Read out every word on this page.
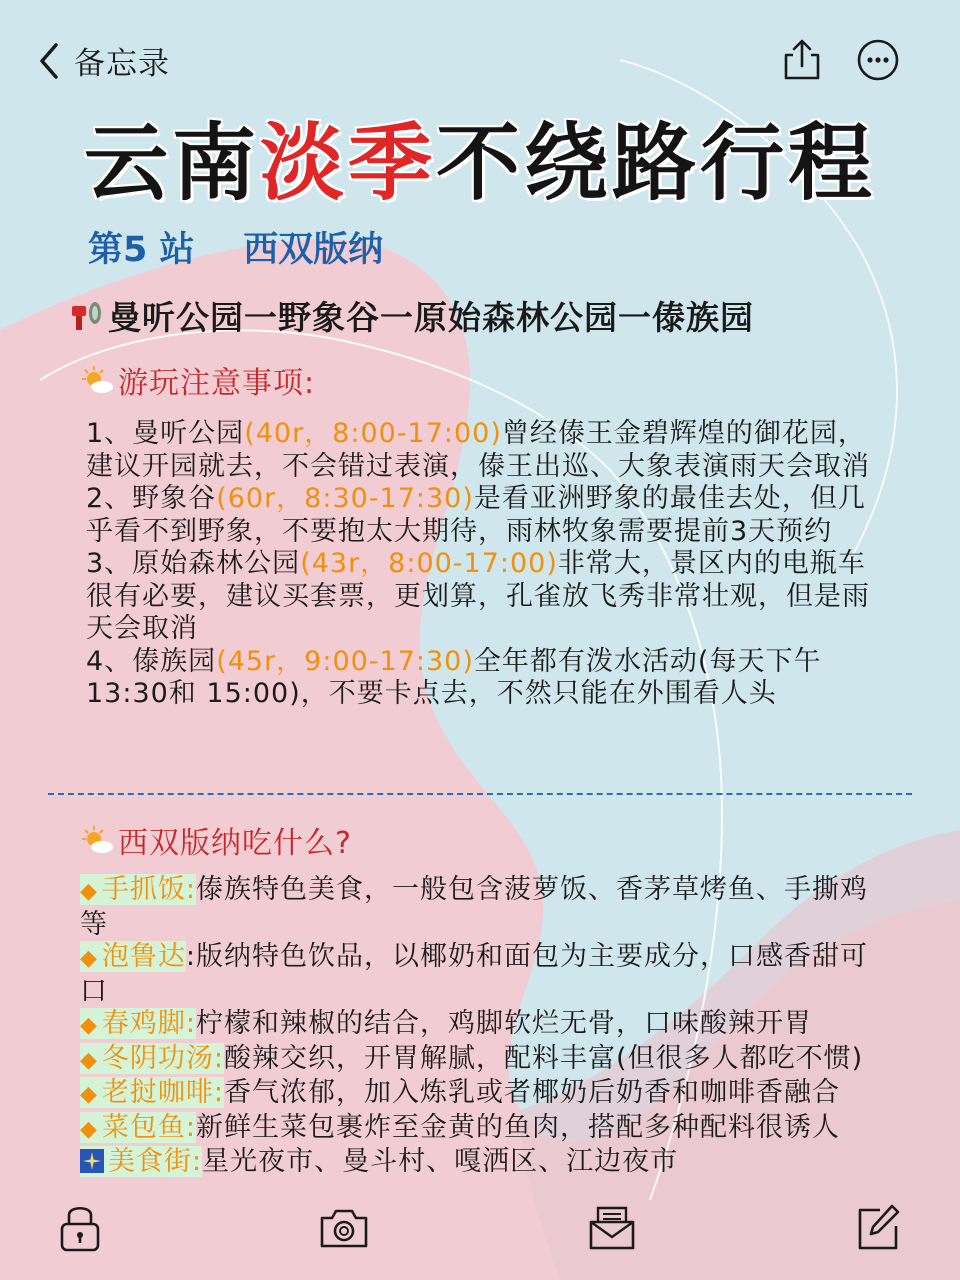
备忘录
云南淡季不绕路行程
第5 站    西双版纳
曼听公园一野象谷一原始森林公园一傣族园
游玩注意事项:
1、曼听公园(40r，8:00-17:00)曾经傣王金碧辉煌的御花园，建议开园就去，不会错过表演，傣王出巡、大象表演雨天会取消
2、野象谷(60r，8:30-17:30)是看亚洲野象的最佳去处，但几乎看不到野象，不要抱太大期待，雨林牧象需要提前3天预约
3、原始森林公园(43r，8:00-17:00)非常大，景区内的电瓶车很有必要，建议买套票，更划算，孔雀放飞秀非常壮观，但是雨天会取消
4、傣族园(45r，9:00-17:30)全年都有泼水活动(每天下午13:30和 15:00)，不要卡点去，不然只能在外围看人头
西双版纳吃什么?
◆ 手抓饭:傣族特色美食，一般包含菠萝饭、香茅草烤鱼、手撕鸡等
◆ 泡鲁达:版纳特色饮品，以椰奶和面包为主要成分，口感香甜可口
◆ 春鸡脚:柠檬和辣椒的结合，鸡脚软烂无骨，口味酸辣开胃
◆ 冬阴功汤:酸辣交织，开胃解腻，配料丰富(但很多人都吃不惯)
◆ 老挝咖啡:香气浓郁，加入炼乳或者椰奶后奶香和咖啡香融合
◆ 菜包鱼:新鲜生菜包裹炸至金黄的鱼肉，搭配多种配料很诱人
美食街:星光夜市、曼斗村、嘎洒区、江边夜市
